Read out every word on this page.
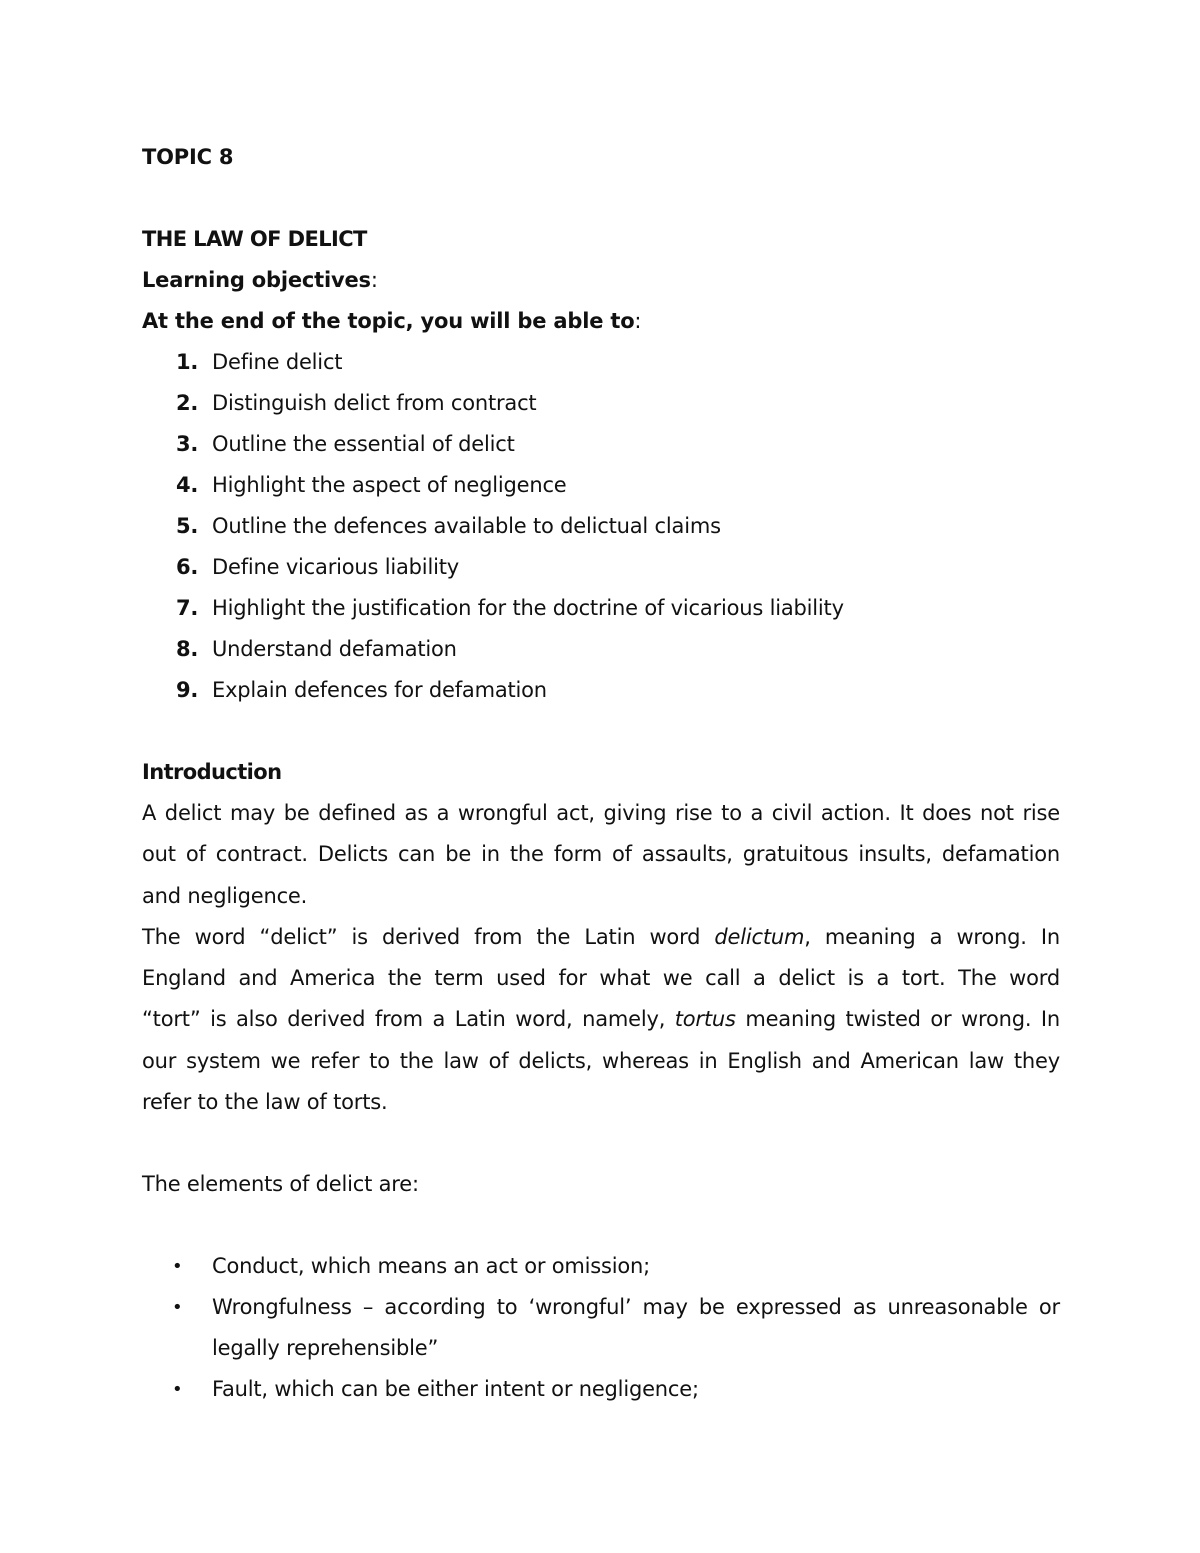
TOPIC 8
THE LAW OF DELICT
Learning objectives:
At the end of the topic, you will be able to:
1. Define delict
2. Distinguish delict from contract
3. Outline the essential of delict
4. Highlight the aspect of negligence
5. Outline the defences available to delictual claims
6. Define vicarious liability
7. Highlight the justification for the doctrine of vicarious liability
8. Understand defamation
9. Explain defences for defamation
Introduction
A delict may be defined as a wrongful act, giving rise to a civil action. It does not rise
out of contract. Delicts can be in the form of assaults, gratuitous insults, defamation
and negligence.
The word “delict” is derived from the Latin word delictum, meaning a wrong. In
England and America the term used for what we call a delict is a tort. The word
“tort” is also derived from a Latin word, namely, tortus meaning twisted or wrong. In
our system we refer to the law of delicts, whereas in English and American law they
refer to the law of torts.
The elements of delict are:
• Conduct, which means an act or omission;
• Wrongfulness – according to ‘wrongful’ may be expressed as unreasonable or
legally reprehensible”
• Fault, which can be either intent or negligence;
